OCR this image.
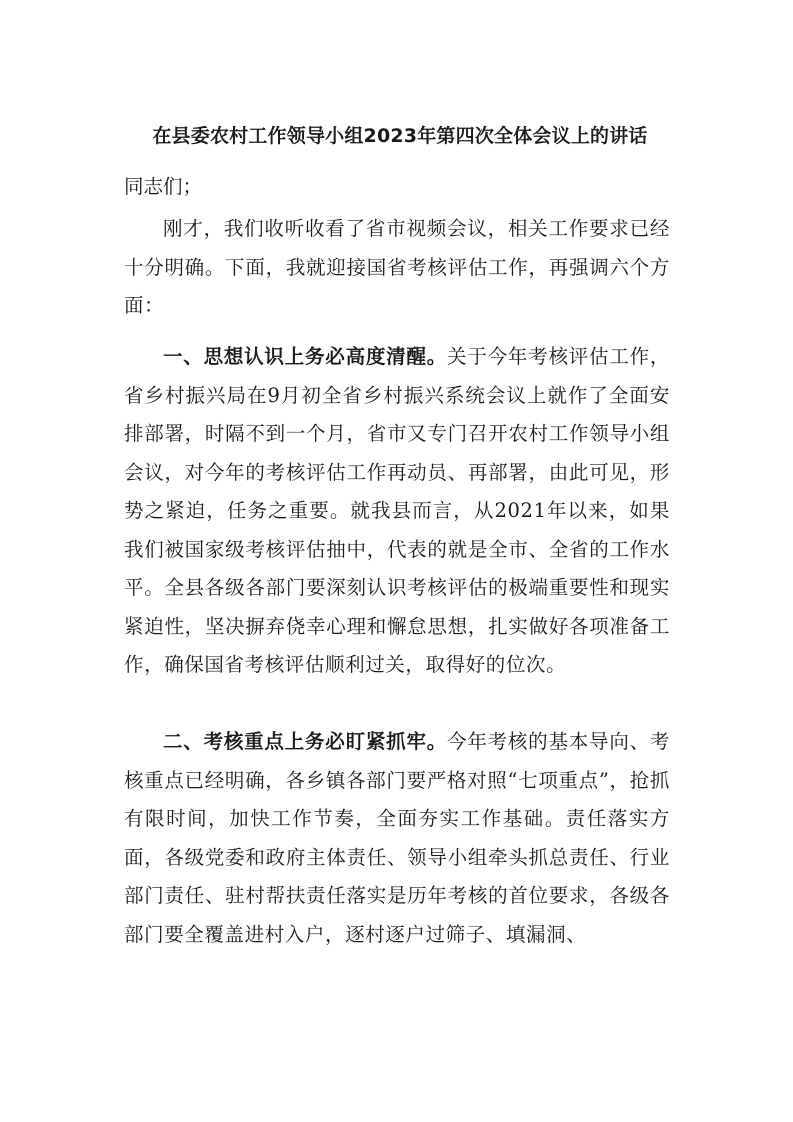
在县委农村工作领导小组2023年第四次全体会议上的讲话
同志们；

刚才，我们收听收看了省市视频会议，相关工作要求已经十分明确。下面，我就迎接国省考核评估工作，再强调六个方面：

一、思想认识上务必高度清醒。关于今年考核评估工作，省乡村振兴局在9月初全省乡村振兴系统会议上就作了全面安排部署，时隔不到一个月，省市又专门召开农村工作领导小组会议，对今年的考核评估工作再动员、再部署，由此可见，形势之紧迫，任务之重要。就我县而言，从2021年以来，如果我们被国家级考核评估抽中，代表的就是全市、全省的工作水平。全县各级各部门要深刻认识考核评估的极端重要性和现实紧迫性，坚决摒弃侥幸心理和懈怠思想，扎实做好各项准备工作，确保国省考核评估顺利过关，取得好的位次。

二、考核重点上务必盯紧抓牢。今年考核的基本导向、考核重点已经明确，各乡镇各部门要严格对照“七项重点”，抢抓有限时间，加快工作节奏，全面夯实工作基础。责任落实方面，各级党委和政府主体责任、领导小组牵头抓总责任、行业部门责任、驻村帮扶责任落实是历年考核的首位要求，各级各部门要全覆盖进村入户，逐村逐户过筛子、填漏洞、
